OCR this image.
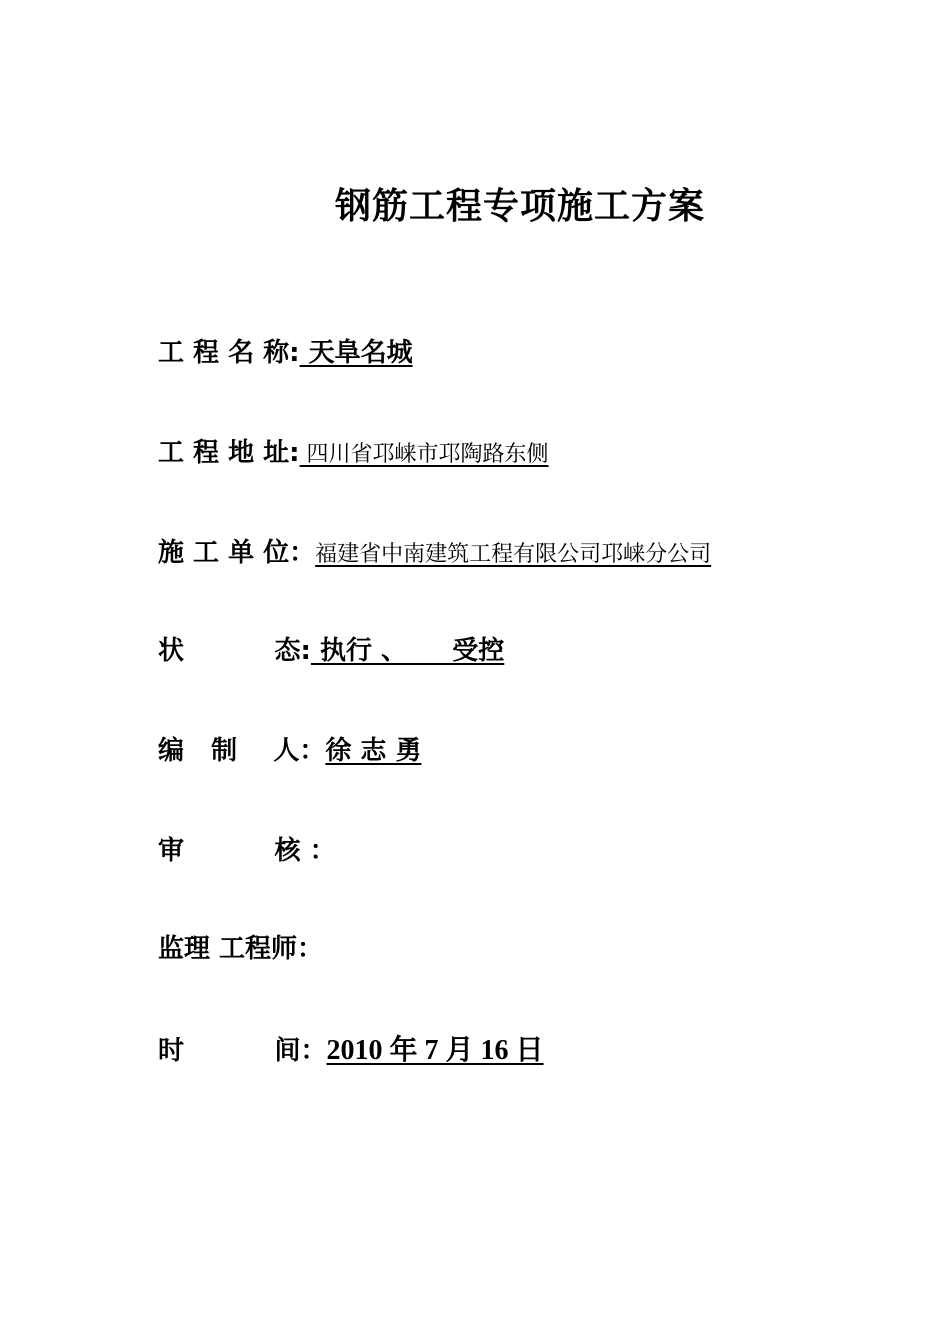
钢筋工程专项施工方案
工 程 名 称: 天阜名城
工 程 地 址: 四川省邛崃市邛陶路东侧
施 工 单 位： 福建省中南建筑工程有限公司邛崃分公司
状          态: 执行 、     受控
编   制    人： 徐 志 勇
审          核 ：
监理 工程师：
时          间： 2010 年 7 月 16 日
